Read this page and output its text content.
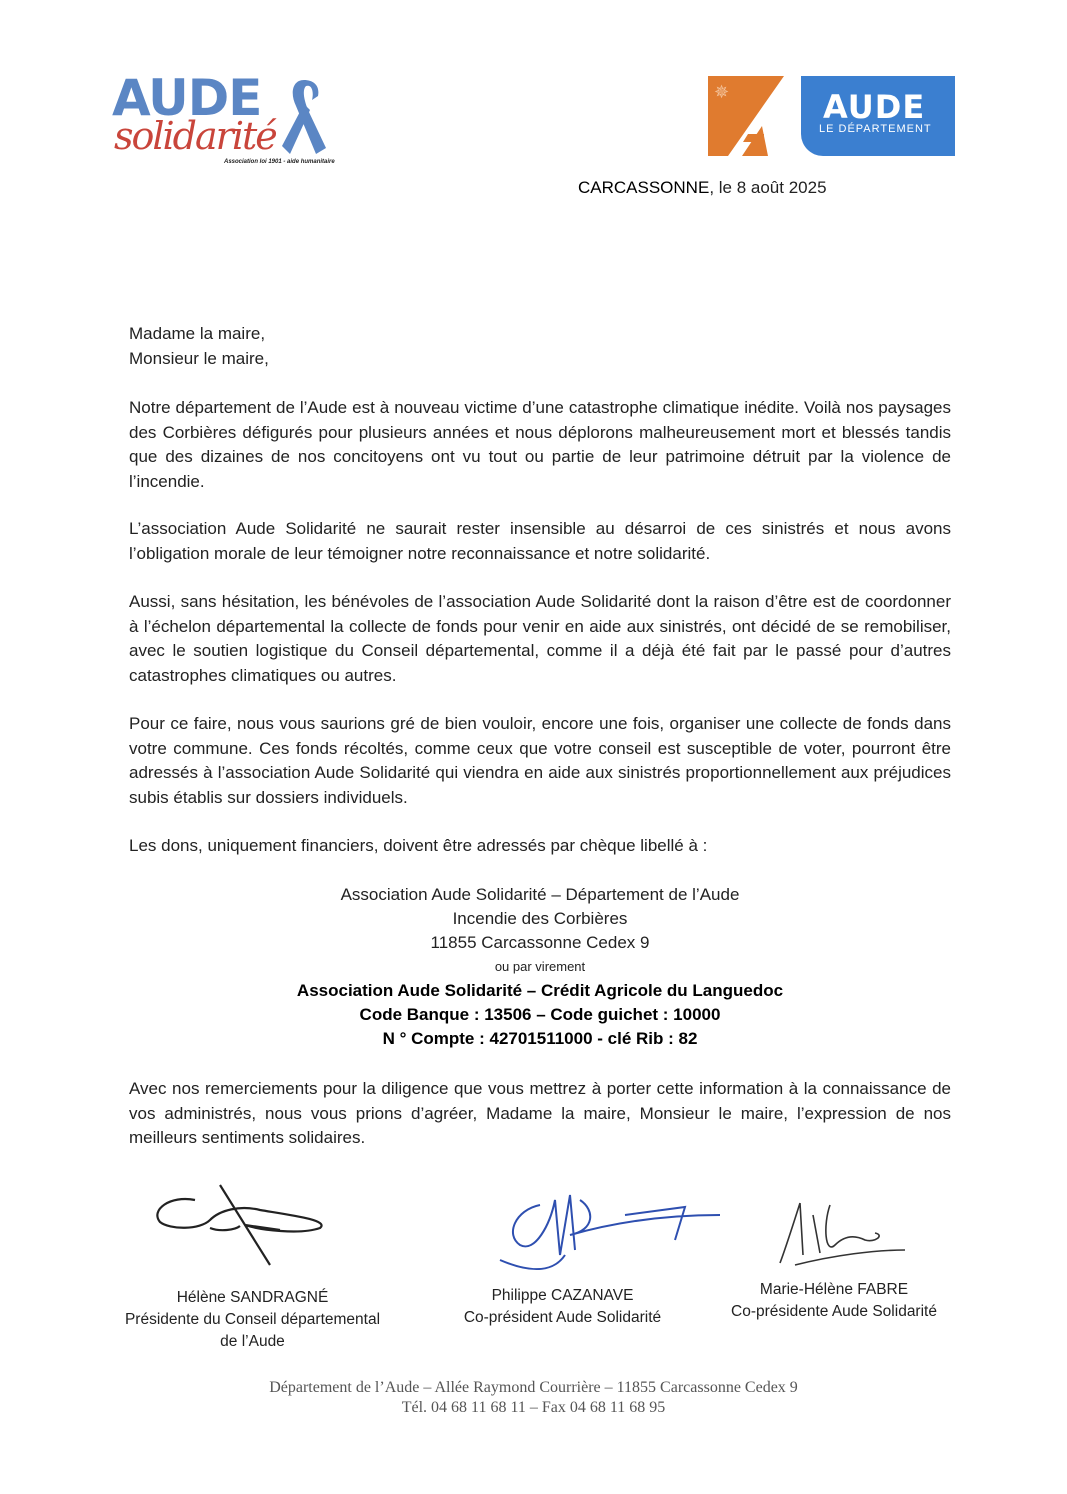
AUDE
solidarité
Association loi 1901 - aide humanitaire
✵	AUDE
LE DÉPARTEMENT
CARCASSONNE, le 8 août 2025
Madame la maire,
Monsieur le maire,
Notre département de l’Aude est à nouveau victime d’une catastrophe climatique inédite. Voilà nos paysages des Corbières défigurés pour plusieurs années et nous déplorons malheureusement mort et blessés tandis que des dizaines de nos concitoyens ont vu tout ou partie de leur patrimoine détruit par la violence de l’incendie.
L’association Aude Solidarité ne saurait rester insensible au désarroi de ces sinistrés et nous avons l’obligation morale de leur témoigner notre reconnaissance et notre solidarité.
Aussi, sans hésitation, les bénévoles de l’association Aude Solidarité dont la raison d’être est de coordonner à l’échelon départemental la collecte de fonds pour venir en aide aux sinistrés, ont décidé de se remobiliser, avec le soutien logistique du Conseil départemental, comme il a déjà été fait par le passé pour d’autres catastrophes climatiques ou autres.
Pour ce faire, nous vous saurions gré de bien vouloir, encore une fois, organiser une collecte de fonds dans votre commune. Ces fonds récoltés, comme ceux que votre conseil est susceptible de voter, pourront être adressés à l’association Aude Solidarité qui viendra en aide aux sinistrés proportionnellement aux préjudices subis établis sur dossiers individuels.
Les dons, uniquement financiers, doivent être adressés par chèque libellé à :
Association Aude Solidarité – Département de l’Aude
Incendie des Corbières
11855 Carcassonne Cedex 9
ou par virement
Association Aude Solidarité – Crédit Agricole du Languedoc
Code Banque : 13506 – Code guichet : 10000
N ° Compte : 42701511000 - clé Rib : 82
Avec nos remerciements pour la diligence que vous mettrez à porter cette information à la connaissance de vos administrés, nous vous prions d’agréer, Madame la maire, Monsieur le maire, l’expression de nos meilleurs sentiments solidaires.
Hélène SANDRAGNÉ
Présidente du Conseil départemental
de l’Aude
Philippe CAZANAVE
Co-président Aude Solidarité
Marie-Hélène FABRE
Co-présidente Aude Solidarité
Département de l’Aude – Allée Raymond Courrière – 11855 Carcassonne Cedex 9
Tél. 04 68 11 68 11 – Fax 04 68 11 68 95
